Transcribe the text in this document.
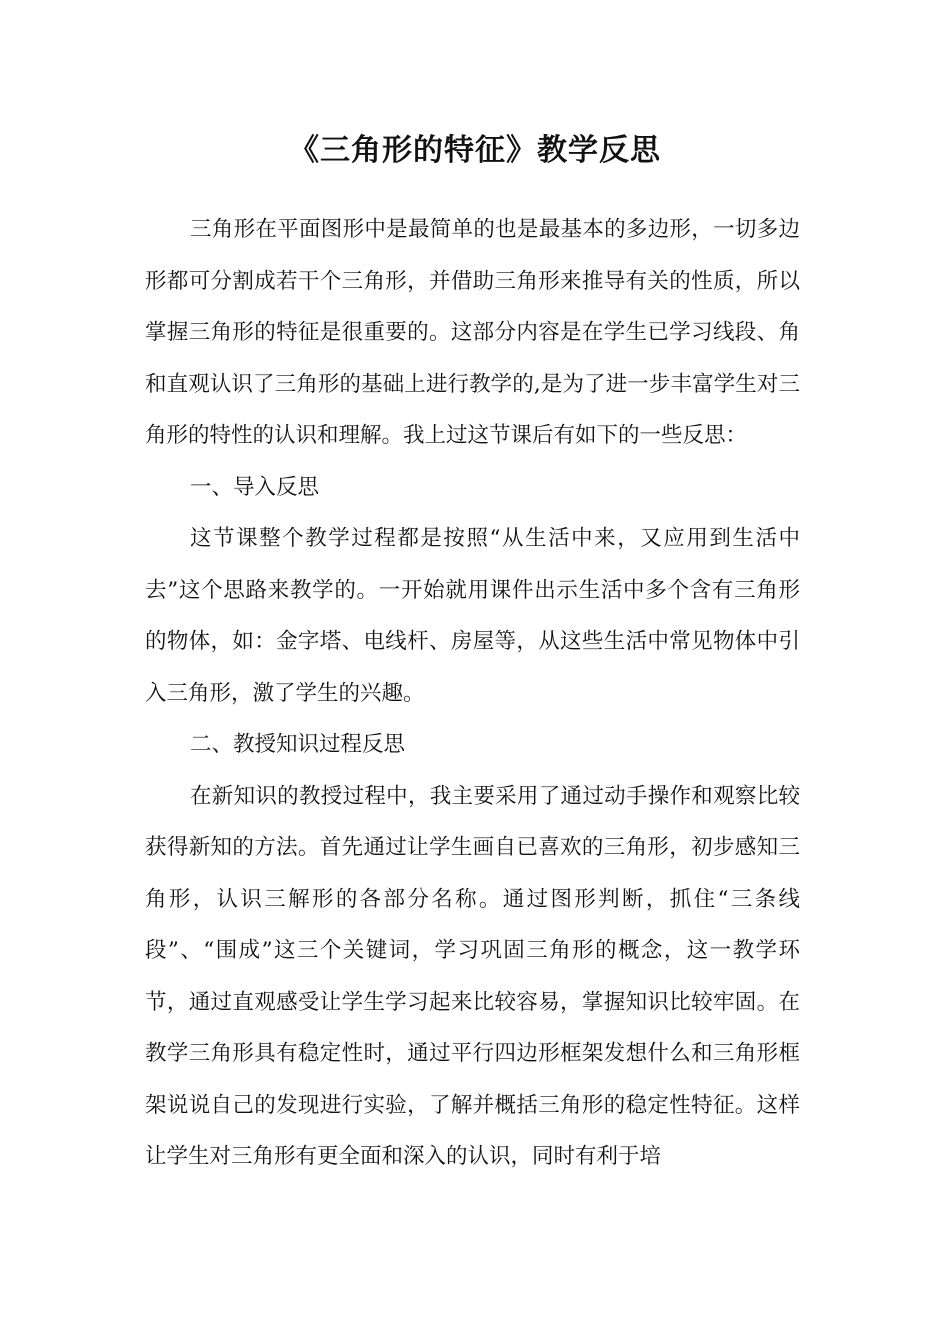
《三角形的特征》教学反思

三角形在平面图形中是最简单的也是最基本的多边形，一切多边形都可分割成若干个三角形，并借助三角形来推导有关的性质，所以掌握三角形的特征是很重要的。这部分内容是在学生已学习线段、角和直观认识了三角形的基础上进行教学的,是为了进一步丰富学生对三角形的特性的认识和理解。我上过这节课后有如下的一些反思：

一、导入反思

这节课整个教学过程都是按照“从生活中来，又应用到生活中去”这个思路来教学的。一开始就用课件出示生活中多个含有三角形的物体，如：金字塔、电线杆、房屋等，从这些生活中常见物体中引入三角形，激了学生的兴趣。

二、教授知识过程反思

在新知识的教授过程中，我主要采用了通过动手操作和观察比较获得新知的方法。首先通过让学生画自已喜欢的三角形，初步感知三角形，认识三解形的各部分名称。通过图形判断，抓住“三条线段”、“围成”这三个关键词，学习巩固三角形的概念，这一教学环节，通过直观感受让学生学习起来比较容易，掌握知识比较牢固。在教学三角形具有稳定性时，通过平行四边形框架发想什么和三角形框架说说自己的发现进行实验，了解并概括三角形的稳定性特征。这样让学生对三角形有更全面和深入的认识，同时有利于培
